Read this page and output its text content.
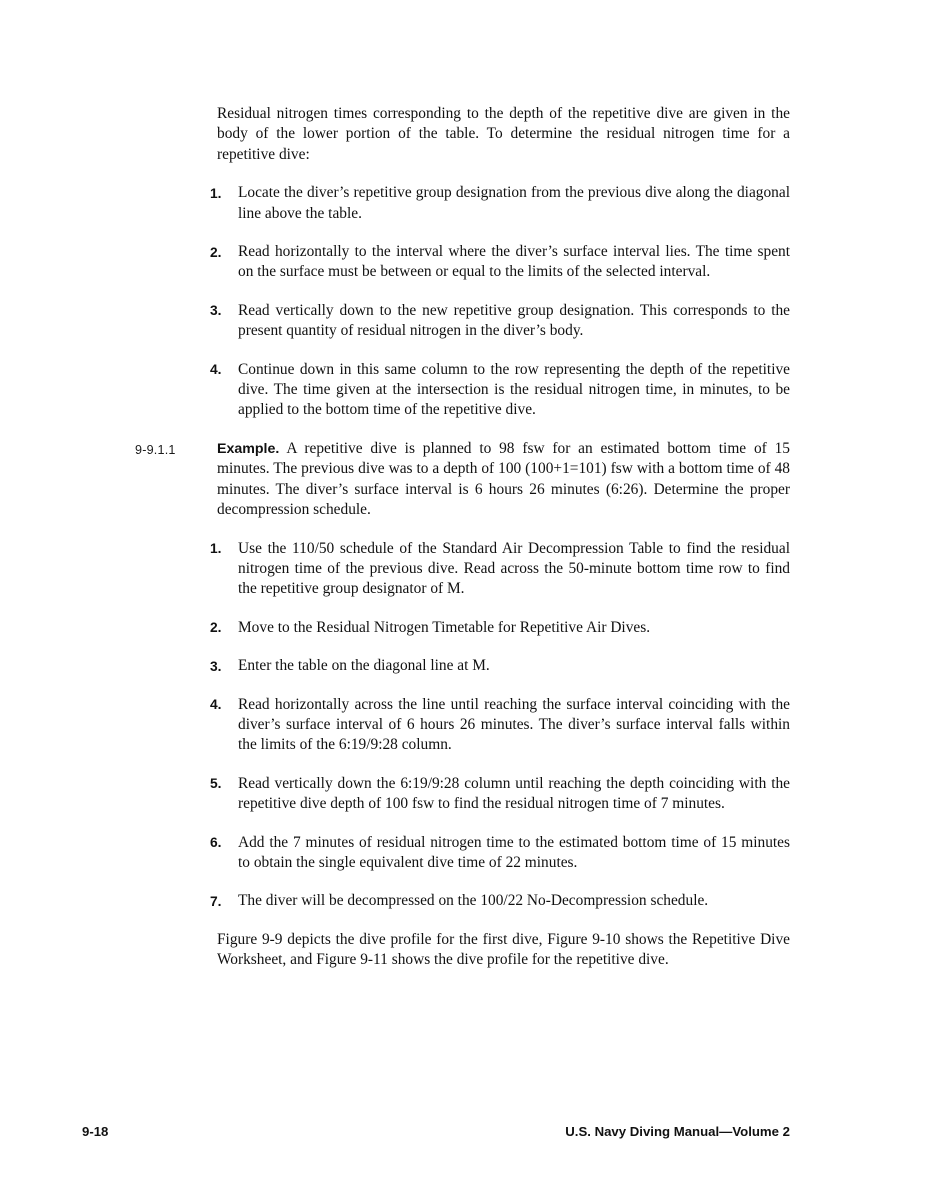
Residual nitrogen times corresponding to the depth of the repetitive dive are given in the body of the lower portion of the table. To determine the residual nitrogen time for a repetitive dive:

1. Locate the diver’s repetitive group designation from the previous dive along the diagonal line above the table.
2. Read horizontally to the interval where the diver’s surface interval lies. The time spent on the surface must be between or equal to the limits of the selected interval.
3. Read vertically down to the new repetitive group designation. This corresponds to the present quantity of residual nitrogen in the diver’s body.
4. Continue down in this same column to the row representing the depth of the repetitive dive. The time given at the intersection is the residual nitrogen time, in minutes, to be applied to the bottom time of the repetitive dive.
9-9.1.1	Example. A repetitive dive is planned to 98 fsw for an estimated bottom time of 15 minutes. The previous dive was to a depth of 100 (100+1=101) fsw with a bottom time of 48 minutes. The diver’s surface interval is 6 hours 26 minutes (6:26). Determine the proper decompression schedule.

1. Use the 110/50 schedule of the Standard Air Decompression Table to find the residual nitrogen time of the previous dive. Read across the 50-minute bottom time row to find the repetitive group designator of M.
2. Move to the Residual Nitrogen Timetable for Repetitive Air Dives.
3. Enter the table on the diagonal line at M.
4. Read horizontally across the line until reaching the surface interval coinciding with the diver’s surface interval of 6 hours 26 minutes. The diver’s surface interval falls within the limits of the 6:19/9:28 column.
5. Read vertically down the 6:19/9:28 column until reaching the depth coinciding with the repetitive dive depth of 100 fsw to find the residual nitrogen time of 7 minutes.
6. Add the 7 minutes of residual nitrogen time to the estimated bottom time of 15 minutes to obtain the single equivalent dive time of 22 minutes.
7. The diver will be decompressed on the 100/22 No-Decompression schedule.

Figure 9-9 depicts the dive profile for the first dive, Figure 9-10 shows the Repetitive Dive Worksheet, and Figure 9-11 shows the dive profile for the repetitive dive.

9-18	U.S. Navy Diving Manual—Volume 2
